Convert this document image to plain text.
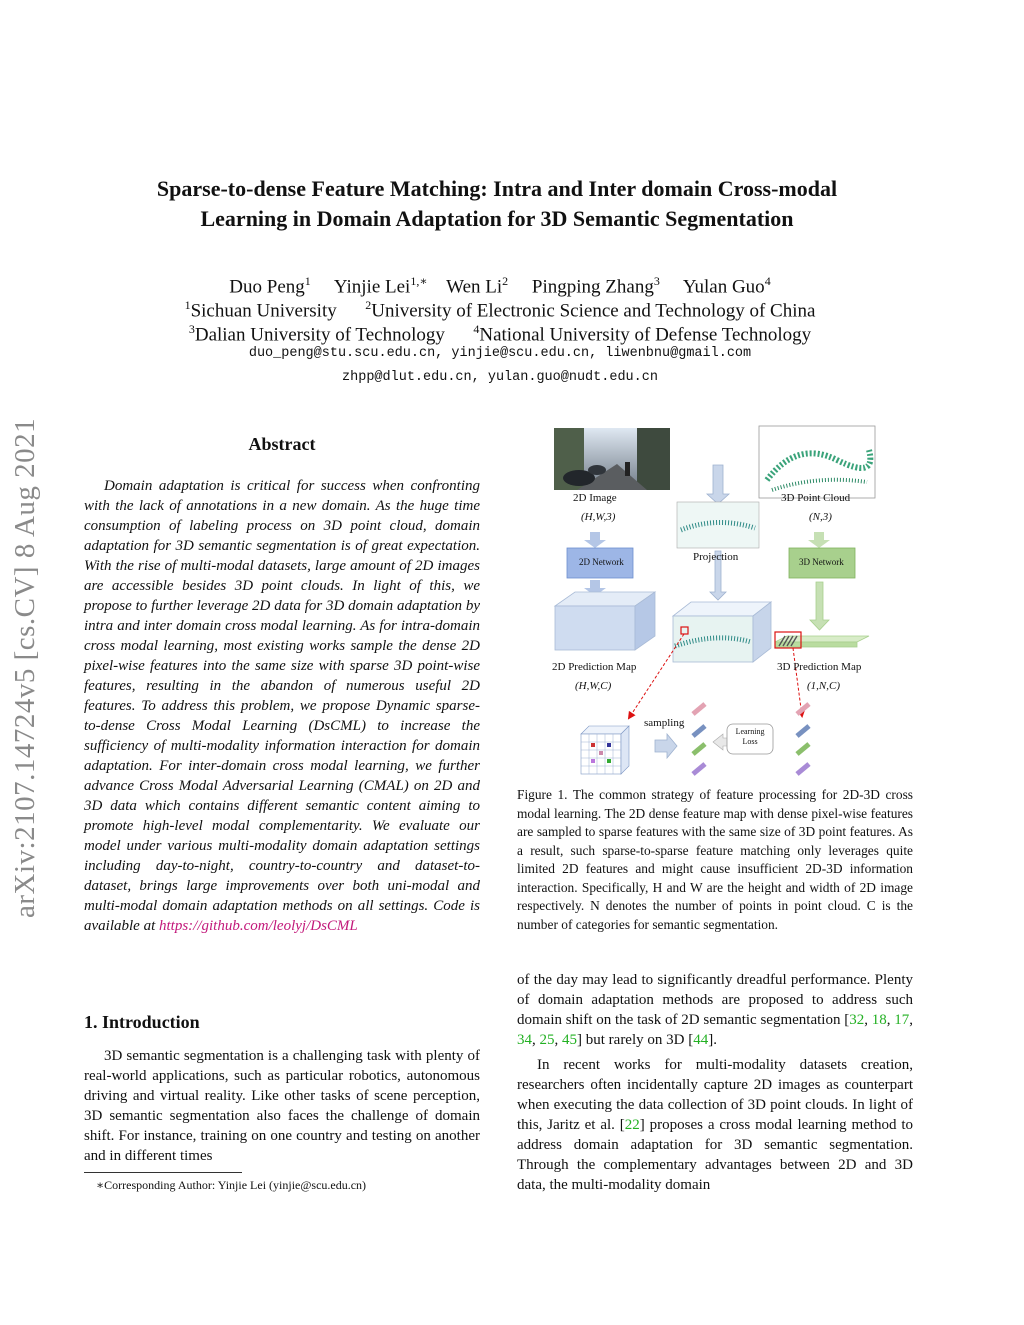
arXiv:2107.14724v5 [cs.CV] 8 Aug 2021
Sparse-to-dense Feature Matching: Intra and Inter domain Cross-modal
Learning in Domain Adaptation for 3D Semantic Segmentation
Duo Peng$^1$ Yinjie Lei$^{1,∗}$ Wen Li$^2$ Pingping Zhang$^3$ Yulan Guo$^4$
$^1$Sichuan University $^2$University of Electronic Science and Technology of China
$^3$Dalian University of Technology $^4$National University of Defense Technology
duo_peng@stu.scu.edu.cn, yinjie@scu.edu.cn, liwenbnu@gmail.com
zhpp@dlut.edu.cn, yulan.guo@nudt.edu.cn
Abstract
Domain adaptation is critical for success when confronting with the lack of annotations in a new domain. As the huge time consumption of labeling process on 3D point cloud, domain adaptation for 3D semantic segmentation is of great expectation. With the rise of multi-modal datasets, large amount of 2D images are accessible besides 3D point clouds. In light of this, we propose to further leverage 2D data for 3D domain adaptation by intra and inter domain cross modal learning. As for intra-domain cross modal learning, most existing works sample the dense 2D pixel-wise features into the same size with sparse 3D point-wise features, resulting in the abandon of numerous useful 2D features. To address this problem, we propose Dynamic sparse-to-dense Cross Modal Learning (DsCML) to increase the sufficiency of multi-modality information interaction for domain adaptation. For inter-domain cross modal learning, we further advance Cross Modal Adversarial Learning (CMAL) on 2D and 3D data which contains different semantic content aiming to promote high-level modal complementarity. We evaluate our model under various multi-modality domain adaptation settings including day-to-night, country-to-country and dataset-to-dataset, brings large improvements over both uni-modal and multi-modal domain adaptation methods on all settings. Code is available at https://github.com/leolyj/DsCML
1. Introduction
3D semantic segmentation is a challenging task with plenty of real-world applications, such as particular robotics, autonomous driving and virtual reality. Like other tasks of scene perception, 3D semantic segmentation also faces the challenge of domain shift. For instance, training on one country and testing on another and in different times
∗Corresponding Author: Yinjie Lei (yinjie@scu.edu.cn)
2D Image
(H,W,3)
3D Point Cloud
(N,3)
2D Network	3D Network
Projection
2D Prediction Map
(H,W,C)
3D Prediction Map
(1,N,C)
sampling
Learning Loss
Figure 1. The common strategy of feature processing for 2D-3D cross modal learning. The 2D dense feature map with dense pixel-wise features are sampled to sparse features with the same size of 3D point features. As a result, such sparse-to-sparse feature matching only leverages quite limited 2D features and might cause insufficient 2D-3D information interaction. Specifically, H and W are the height and width of 2D image respectively. N denotes the number of points in point cloud. C is the number of categories for semantic segmentation.
of the day may lead to significantly dreadful performance. Plenty of domain adaptation methods are proposed to address such domain shift on the task of 2D semantic segmentation [32, 18, 17, 34, 25, 45] but rarely on 3D [44].
In recent works for multi-modality datasets creation, researchers often incidentally capture 2D images as counterpart when executing the data collection of 3D point clouds. In light of this, Jaritz et al. [22] proposes a cross modal learning method to address domain adaptation for 3D semantic segmentation. Through the complementary advantages between 2D and 3D data, the multi-modality domain
